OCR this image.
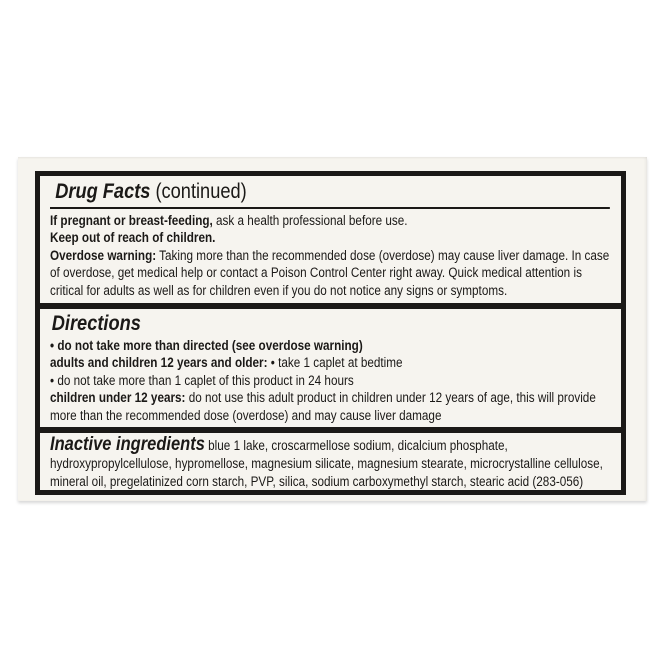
Drug Facts (continued)

If pregnant or breast-feeding, ask a health professional before use.

Keep out of reach of children.

Overdose warning: Taking more than the recommended dose (overdose) may cause liver damage. In case of overdose, get medical help or contact a Poison Control Center right away. Quick medical attention is critical for adults as well as for children even if you do not notice any signs or symptoms.

Directions

• do not take more than directed (see overdose warning)

adults and children 12 years and older: • take 1 caplet at bedtime

• do not take more than 1 caplet of this product in 24 hours

children under 12 years: do not use this adult product in children under 12 years of age, this will provide more than the recommended dose (overdose) and may cause liver damage

Inactive ingredients blue 1 lake, croscarmellose sodium, dicalcium phosphate, hydroxypropylcellulose, hypromellose, magnesium silicate, magnesium stearate, microcrystalline cellulose, mineral oil, pregelatinized corn starch, PVP, silica, sodium carboxymethyl starch, stearic acid (283-056)
